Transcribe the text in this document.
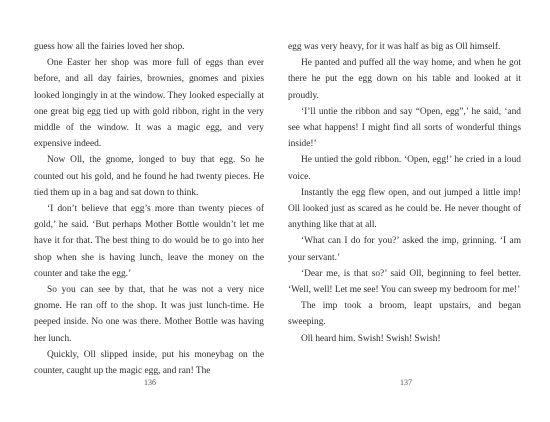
guess how all the fairies loved her shop.

One Easter her shop was more full of eggs than ever before, and all day fairies, brownies, gnomes and pixies looked longingly in at the window. They looked especially at one great big egg tied up with gold ribbon, right in the very middle of the window. It was a magic egg, and very expensive indeed.

Now Oll, the gnome, longed to buy that egg. So he counted out his gold, and he found he had twenty pieces. He tied them up in a bag and sat down to think.

‘I don’t believe that egg’s more than twenty pieces of gold,’ he said. ‘But perhaps Mother Bottle wouldn’t let me have it for that. The best thing to do would be to go into her shop when she is having lunch, leave the money on the counter and take the egg.’

So you can see by that, that he was not a very nice gnome. He ran off to the shop. It was just lunch-time. He peeped inside. No one was there. Mother Bottle was having her lunch.

Quickly, Oll slipped inside, put his moneybag on the counter, caught up the magic egg, and ran! The

136

egg was very heavy, for it was half as big as Oll himself.

He panted and puffed all the way home, and when he got there he put the egg down on his table and looked at it proudly.

‘I’ll untie the ribbon and say “Open, egg”,’ he said, ‘and see what happens! I might find all sorts of wonderful things inside!’

He untied the gold ribbon. ‘Open, egg!’ he cried in a loud voice.

Instantly the egg flew open, and out jumped a little imp! Oll looked just as scared as he could be. He never thought of anything like that at all.

‘What can I do for you?’ asked the imp, grinning. ‘I am your servant.’

‘Dear me, is that so?’ said Oll, beginning to feel better. ‘Well, well! Let me see! You can sweep my bedroom for me!’

The imp took a broom, leapt upstairs, and began sweeping.

Oll heard him. Swish! Swish! Swish!

137
